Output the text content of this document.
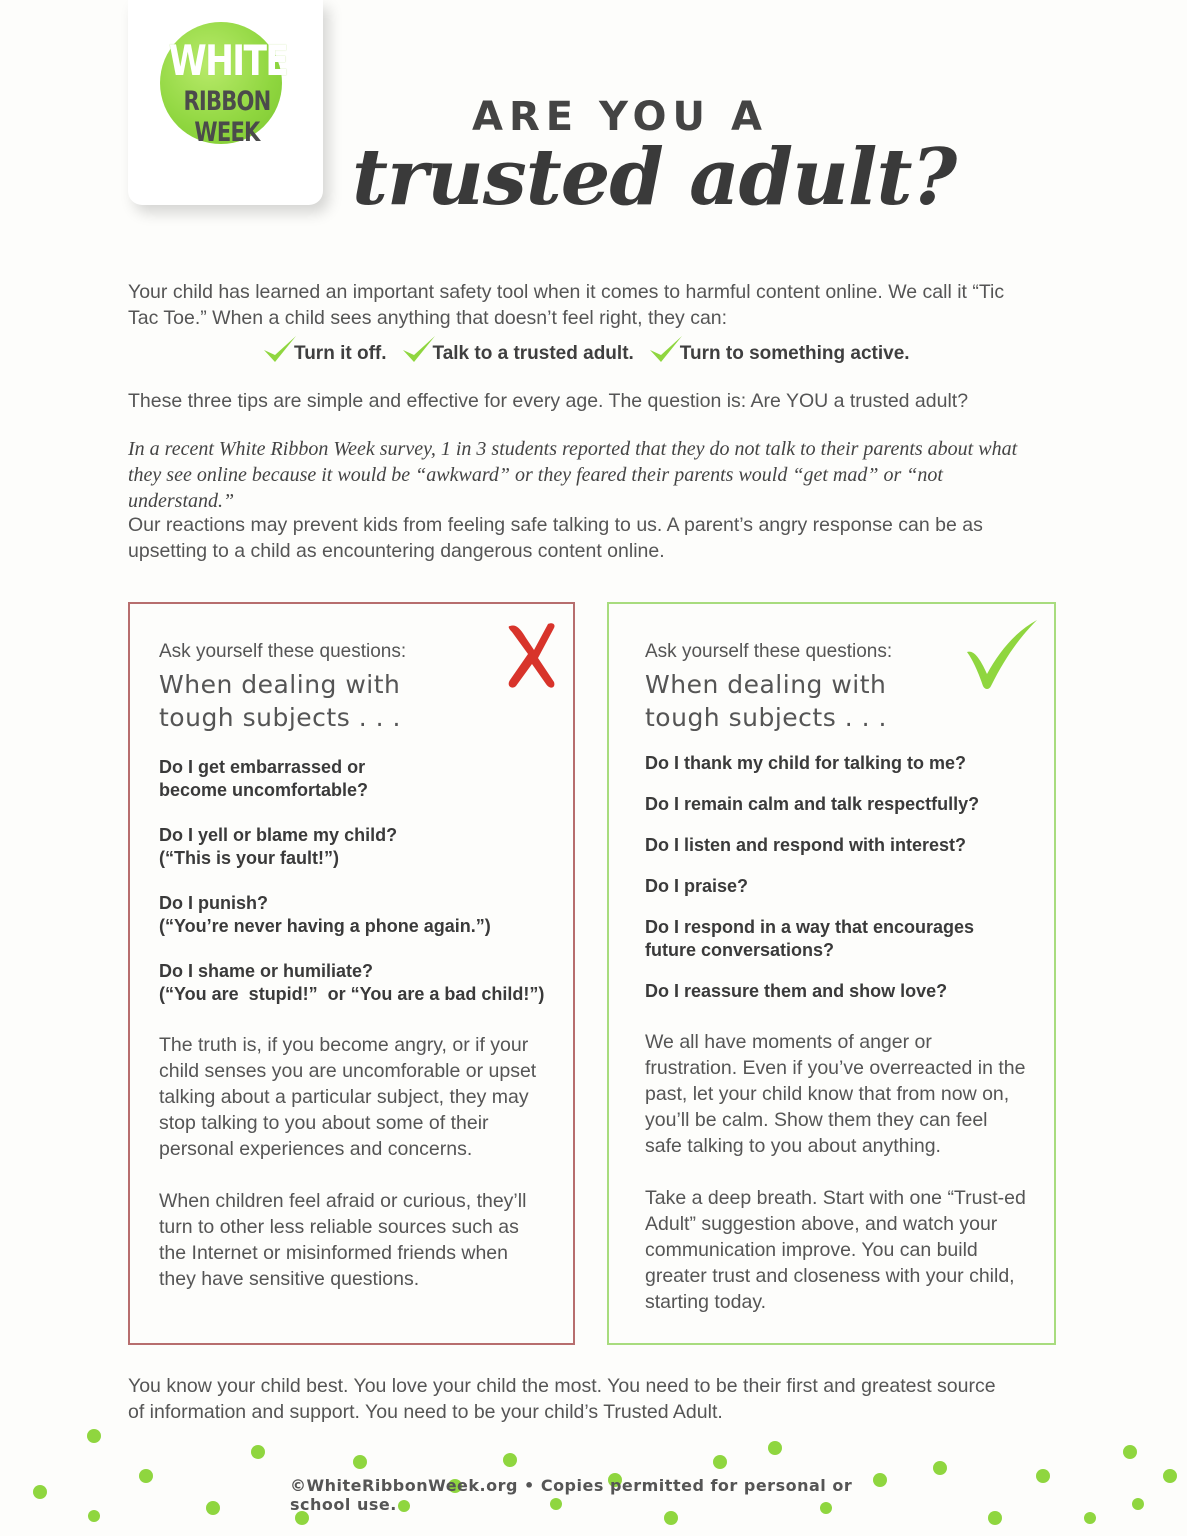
WHITE
RIBBON WEEK	ARE YOU A
trusted adult?
Your child has learned an important safety tool when it comes to harmful content online. We call it “Tic Tac Toe.” When a child sees anything that doesn’t feel right, they can:
Turn it off. Talk to a trusted adult. Turn to something active.
These three tips are simple and effective for every age. The question is: Are YOU a trusted adult?
In a recent White Ribbon Week survey, 1 in 3 students reported that they do not talk to their parents about what they see online because it would be “awkward” or they feared their parents would “get mad” or “not understand.”
Our reactions may prevent kids from feeling safe talking to us. A parent’s angry response can be as upsetting to a child as encountering dangerous content online.
Ask yourself these questions:
When dealing with tough subjects . . .
Do I get embarrassed or
become uncomfortable?
Do I yell or blame my child?
(“This is your fault!”)
Do I punish?
(“You’re never having a phone again.”)
Do I shame or humiliate?
(“You are  stupid!”  or “You are a bad child!”)
The truth is, if you become angry, or if your child senses you are uncomforable or upset talking about a particular subject, they may stop talking to you about some of their personal experiences and concerns.
When children feel afraid or curious, they’ll turn to other less reliable sources such as the Internet or misinformed friends when they have sensitive questions.
Ask yourself these questions:
When dealing with tough subjects . . .
Do I thank my child for talking to me?
Do I remain calm and talk respectfully?
Do I listen and respond with interest?
Do I praise?
Do I respond in a way that encourages
future conversations?
Do I reassure them and show love?
We all have moments of anger or frustration. Even if you’ve overreacted in the past, let your child know that from now on, you’ll be calm. Show them they can feel safe talking to you about anything.
Take a deep breath. Start with one “Trust-ed Adult” suggestion above, and watch your communication improve. You can build greater trust and closeness with your child, starting today.
You know your child best. You love your child the most. You need to be their first and greatest source of information and support. You need to be your child’s Trusted Adult.
©WhiteRibbonWeek.org • Copies permitted for personal or school use.
